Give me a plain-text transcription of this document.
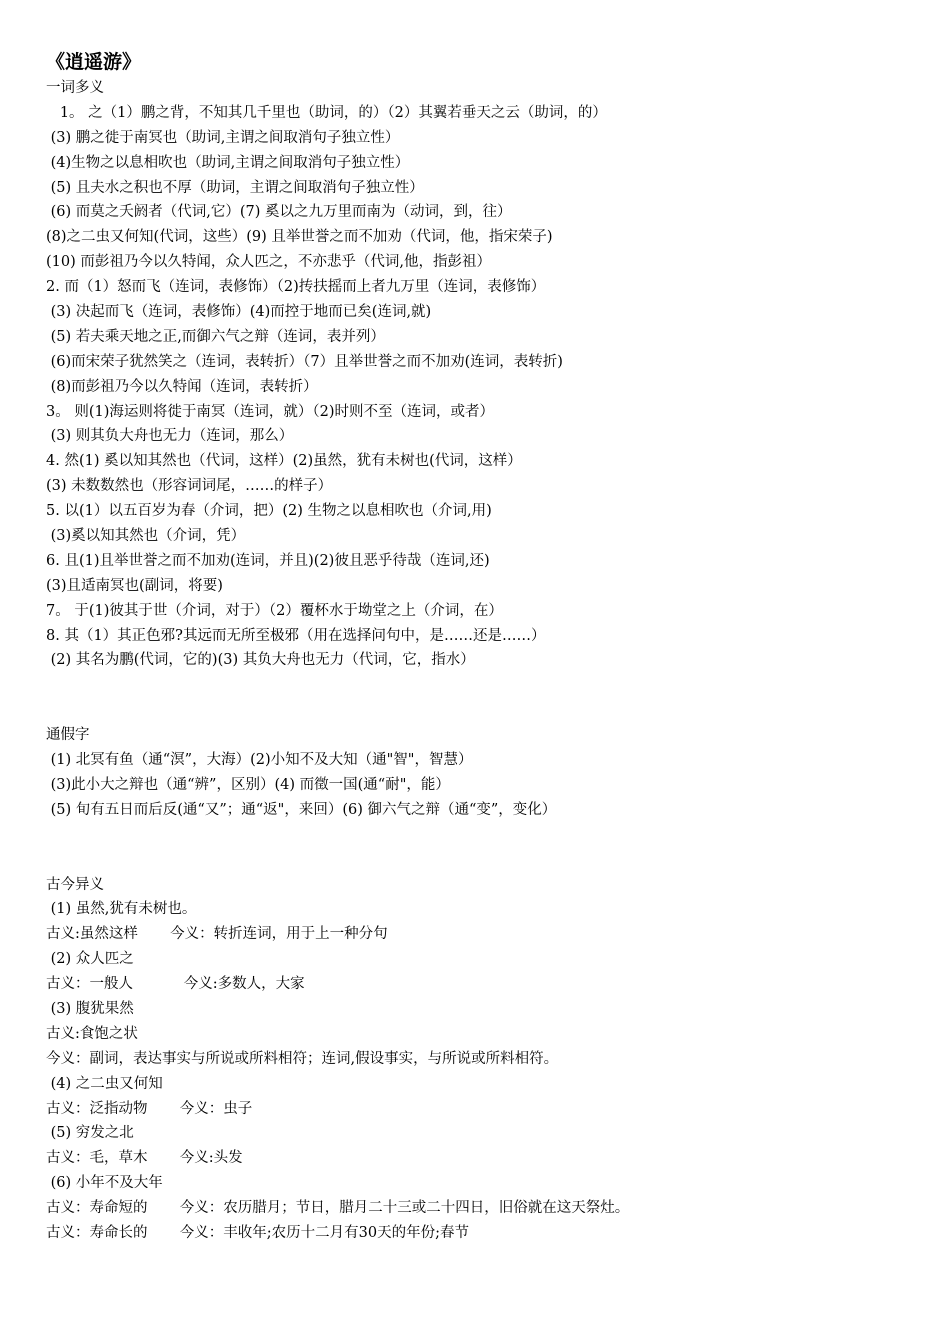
《逍遥游》
一词多义
1。 之（1）鹏之背，不知其几千里也（助词，的）（2）其翼若垂天之云（助词，的）
(3) 鹏之徙于南冥也（助词,主谓之间取消句子独立性）
(4)生物之以息相吹也（助词,主谓之间取消句子独立性）
(5) 且夫水之积也不厚（助词，主谓之间取消句子独立性）
(6) 而莫之夭阏者（代词,它）(7) 奚以之九万里而南为（动词，到，往）
(8)之二虫又何知(代词，这些）(9) 且举世誉之而不加劝（代词，他，指宋荣子)
(10) 而彭祖乃今以久特闻，众人匹之，不亦悲乎（代词,他，指彭祖）
2. 而（1）怒而飞（连词，表修饰）（2)抟扶摇而上者九万里（连词，表修饰）
(3) 决起而飞（连词，表修饰）(4)而控于地而已矣(连词,就)
(5) 若夫乘天地之正,而御六气之辩（连词，表并列）
(6)而宋荣子犹然笑之（连词，表转折）（7）且举世誉之而不加劝(连词，表转折)
(8)而彭祖乃今以久特闻（连词，表转折）
3。 则(1)海运则将徙于南冥（连词，就）（2)时则不至（连词，或者）
(3) 则其负大舟也无力（连词，那么）
4. 然(1) 奚以知其然也（代词，这样）(2)虽然，犹有未树也(代词，这样）
(3) 未数数然也（形容词词尾，……的样子）
5. 以(1）以五百岁为春（介词，把）(2) 生物之以息相吹也（介词,用)
(3)奚以知其然也（介词，凭）
6. 且(1)且举世誉之而不加劝(连词，并且)(2)彼且恶乎待哉（连词,还)
(3)且适南冥也(副词，将要)
7。 于(1)彼其于世（介词，对于）（2）覆杯水于坳堂之上（介词，在）
8. 其（1）其正色邪?其远而无所至极邪（用在选择问句中，是……还是……）
(2) 其名为鹏(代词，它的)(3) 其负大舟也无力（代词，它，指水）
通假字
(1) 北冥有鱼（通“溟”，大海）(2)小知不及大知（通"智"，智慧）
(3)此小大之辩也（通“辨”，区别）(4) 而徵一国(通“耐"，能）
(5) 旬有五日而后反(通“又”；通“返"，来回）(6) 御六气之辩（通“变”，变化）
古今异义
(1) 虽然,犹有未树也。
古义:虽然这样       今义：转折连词，用于上一种分句
(2) 众人匹之
古义：一般人           今义:多数人，大家
(3) 腹犹果然
古义:食饱之状
今义：副词，表达事实与所说或所料相符；连词,假设事实，与所说或所料相符。
(4) 之二虫又何知
古义：泛指动物       今义：虫子
(5) 穷发之北
古义：毛，草木       今义:头发
(6) 小年不及大年
古义：寿命短的       今义：农历腊月；节日，腊月二十三或二十四日，旧俗就在这天祭灶。
古义：寿命长的       今义：丰收年;农历十二月有30天的年份;春节
